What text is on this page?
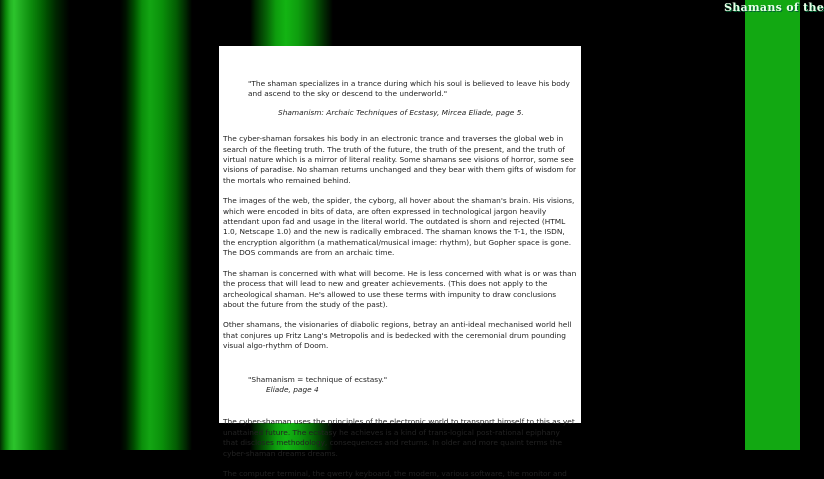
Shamans of the

"The shaman specializes in a trance during which his soul is believed to leave his body and ascend to the sky or descend to the underworld."

Shamanism: Archaic Techniques of Ecstasy, Mircea Eliade, page 5.

The cyber-shaman forsakes his body in an electronic trance and traverses the global web in search of the fleeting truth. The truth of the future, the truth of the present, and the truth of virtual nature which is a mirror of literal reality. Some shamans see visions of horror, some see visions of paradise. No shaman returns unchanged and they bear with them gifts of wisdom for the mortals who remained behind.

The images of the web, the spider, the cyborg, all hover about the shaman's brain. His visions, which were encoded in bits of data, are often expressed in technological jargon heavily attendant upon fad and usage in the literal world. The outdated is shorn and rejected (HTML 1.0, Netscape 1.0) and the new is radically embraced. The shaman knows the T-1, the ISDN, the encryption algorithm (a mathematical/musical image: rhythm), but Gopher space is gone. The DOS commands are from an archaic time.

The shaman is concerned with what will become. He is less concerned with what is or was than the process that will lead to new and greater achievements. (This does not apply to the archeological shaman. He's allowed to use these terms with impunity to draw conclusions about the future from the study of the past).

Other shamans, the visionaries of diabolic regions, betray an anti-ideal mechanised world hell that conjures up Fritz Lang's Metropolis and is bedecked with the ceremonial drum pounding visual algo-rhythm of Doom.

"Shamanism = technique of ecstasy."
Eliade, page 4

The cyber-shaman uses the principles of the electronic world to transport himself to this as yet unattained future. The ecstasy he achieves is a kind of trans-logical post-rational epiphany that discloses methodology, consequences and returns. In older and more quaint terms the cyber-shaman dreams dreams.

The computer terminal, the qwerty keyboard, the modem, various software, the monitor and
